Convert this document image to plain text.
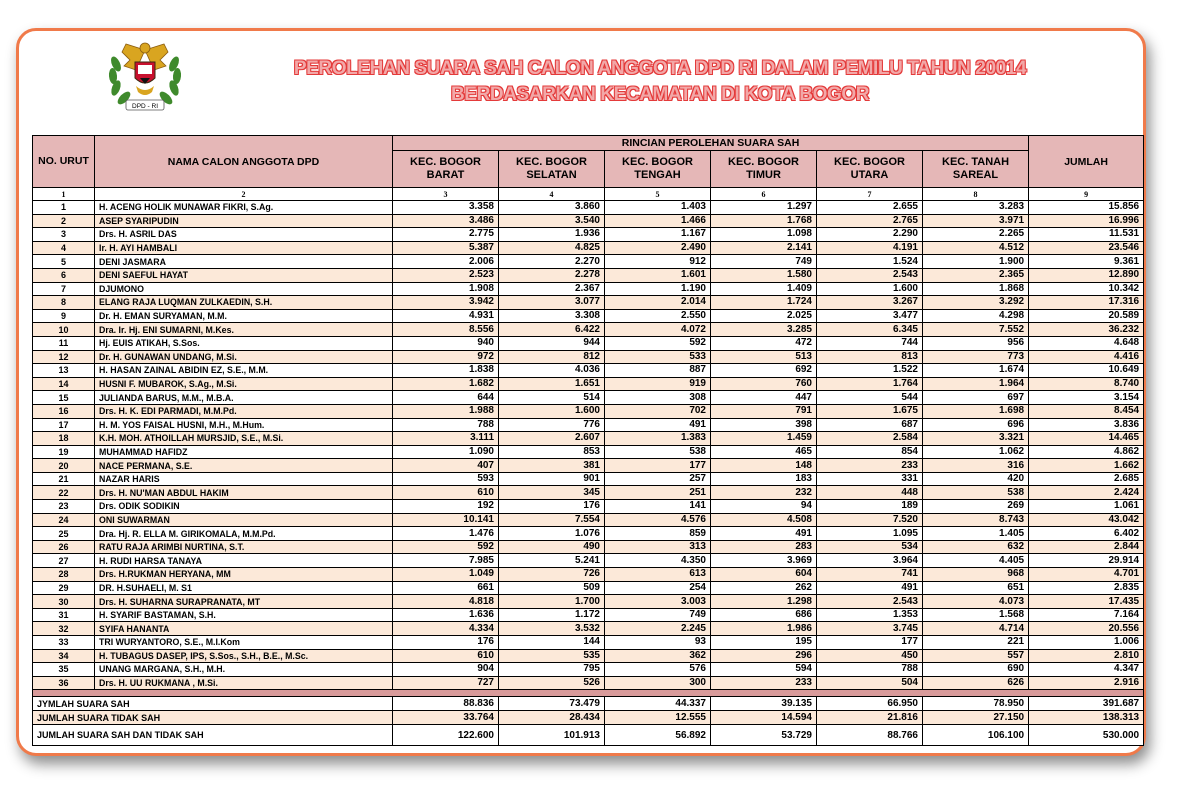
DPD - RI
PEROLEHAN SUARA SAH CALON ANGGOTA DPD RI DALAM PEMILU TAHUN 20014
BERDASARKAN KECAMATAN DI KOTA BOGOR
NO. URUT	NAMA CALON ANGGOTA DPD	RINCIAN PEROLEHAN SUARA SAH						JUMLAH
		KEC. BOGOR BARAT	KEC. BOGOR SELATAN	KEC. BOGOR TENGAH	KEC. BOGOR TIMUR	KEC. BOGOR UTARA	KEC. TANAH SAREAL	
1	2	3	4	5	6	7	8	9
1	H. ACENG HOLIK MUNAWAR FIKRI, S.Ag.	3.358	3.860	1.403	1.297	2.655	3.283	15.856
2	ASEP SYARIPUDIN	3.486	3.540	1.466	1.768	2.765	3.971	16.996
3	Drs. H. ASRIL DAS	2.775	1.936	1.167	1.098	2.290	2.265	11.531
4	Ir. H. AYI HAMBALI	5.387	4.825	2.490	2.141	4.191	4.512	23.546
5	DENI JASMARA	2.006	2.270	912	749	1.524	1.900	9.361
6	DENI SAEFUL HAYAT	2.523	2.278	1.601	1.580	2.543	2.365	12.890
7	DJUMONO	1.908	2.367	1.190	1.409	1.600	1.868	10.342
8	ELANG RAJA LUQMAN ZULKAEDIN, S.H.	3.942	3.077	2.014	1.724	3.267	3.292	17.316
9	Dr. H. EMAN SURYAMAN, M.M.	4.931	3.308	2.550	2.025	3.477	4.298	20.589
10	Dra. Ir. Hj. ENI SUMARNI, M.Kes.	8.556	6.422	4.072	3.285	6.345	7.552	36.232
11	Hj. EUIS ATIKAH, S.Sos.	940	944	592	472	744	956	4.648
12	Dr. H. GUNAWAN UNDANG, M.Si.	972	812	533	513	813	773	4.416
13	H. HASAN ZAINAL ABIDIN EZ, S.E., M.M.	1.838	4.036	887	692	1.522	1.674	10.649
14	HUSNI F. MUBAROK, S.Ag., M.Si.	1.682	1.651	919	760	1.764	1.964	8.740
15	JULIANDA BARUS, M.M., M.B.A.	644	514	308	447	544	697	3.154
16	Drs. H. K. EDI PARMADI, M.M.Pd.	1.988	1.600	702	791	1.675	1.698	8.454
17	H. M. YOS FAISAL HUSNI, M.H., M.Hum.	788	776	491	398	687	696	3.836
18	K.H. MOH. ATHOILLAH MURSJID, S.E., M.Si.	3.111	2.607	1.383	1.459	2.584	3.321	14.465
19	MUHAMMAD HAFIDZ	1.090	853	538	465	854	1.062	4.862
20	NACE PERMANA, S.E.	407	381	177	148	233	316	1.662
21	NAZAR HARIS	593	901	257	183	331	420	2.685
22	Drs. H. NU'MAN ABDUL HAKIM	610	345	251	232	448	538	2.424
23	Drs. ODIK SODIKIN	192	176	141	94	189	269	1.061
24	ONI SUWARMAN	10.141	7.554	4.576	4.508	7.520	8.743	43.042
25	Dra. Hj. R. ELLA M. GIRIKOMALA, M.M.Pd.	1.476	1.076	859	491	1.095	1.405	6.402
26	RATU RAJA ARIMBI NURTINA, S.T.	592	490	313	283	534	632	2.844
27	H. RUDI HARSA TANAYA	7.985	5.241	4.350	3.969	3.964	4.405	29.914
28	Drs. H.RUKMAN HERYANA, MM	1.049	726	613	604	741	968	4.701
29	DR. H.SUHAELI, M. S1	661	509	254	262	491	651	2.835
30	Drs. H. SUHARNA SURAPRANATA, MT	4.818	1.700	3.003	1.298	2.543	4.073	17.435
31	H. SYARIF BASTAMAN, S.H.	1.636	1.172	749	686	1.353	1.568	7.164
32	SYIFA HANANTA	4.334	3.532	2.245	1.986	3.745	4.714	20.556
33	TRI WURYANTORO, S.E., M.I.Kom	176	144	93	195	177	221	1.006
34	H. TUBAGUS DASEP, IPS, S.Sos., S.H., B.E., M.Sc.	610	535	362	296	450	557	2.810
35	UNANG MARGANA, S.H., M.H.	904	795	576	594	788	690	4.347
36	Drs. H. UU RUKMANA , M.Si.	727	526	300	233	504	626	2.916

JYMLAH SUARA SAH		88.836	73.479	44.337	39.135	66.950	78.950	391.687
JUMLAH SUARA TIDAK SAH		33.764	28.434	12.555	14.594	21.816	27.150	138.313
JUMLAH SUARA SAH DAN TIDAK SAH		122.600	101.913	56.892	53.729	88.766	106.100	530.000
